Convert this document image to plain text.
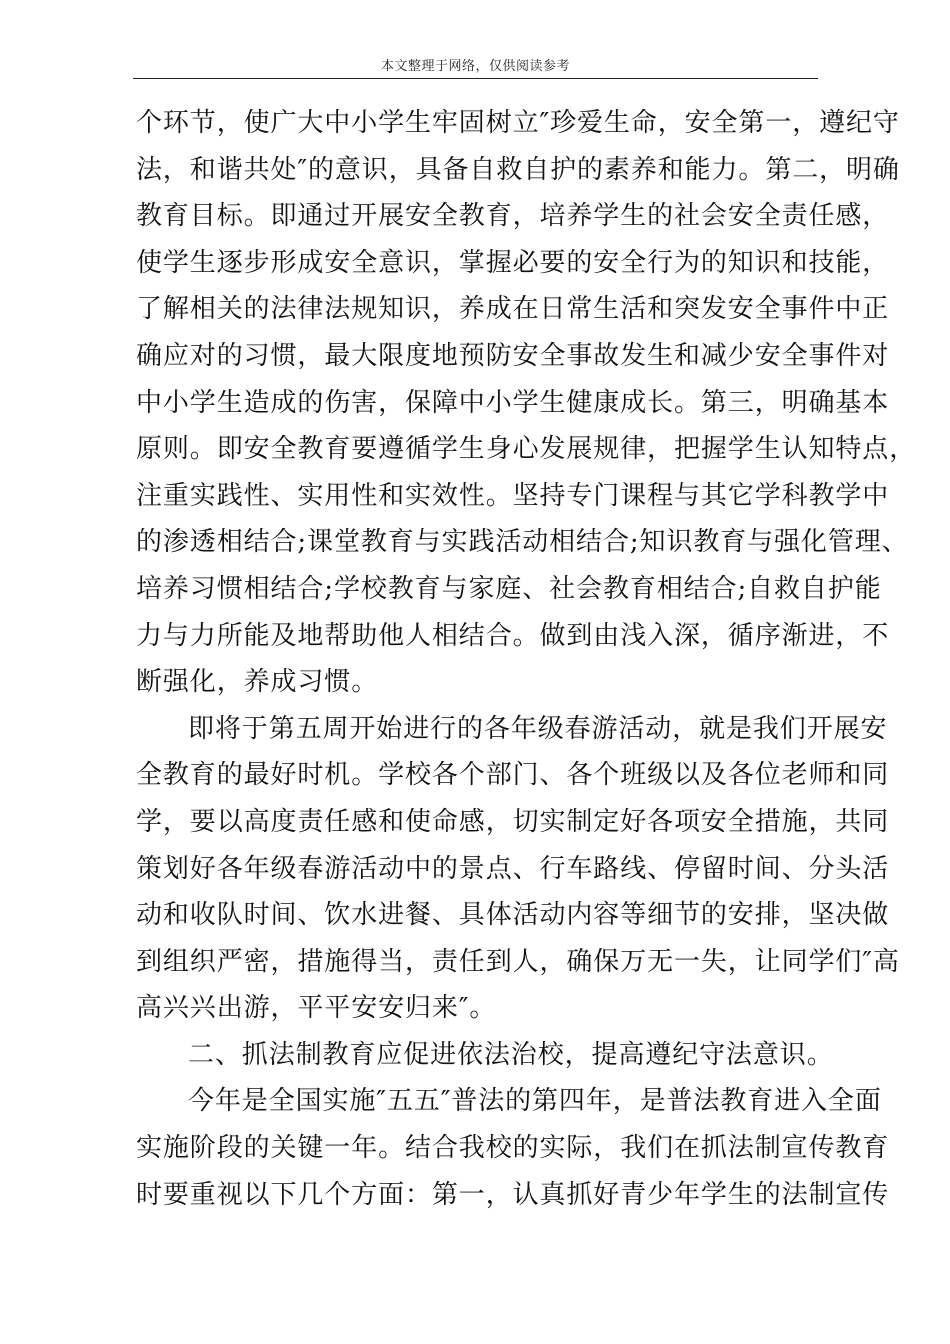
本文整理于网络，仅供阅读参考
个环节，使广大中小学生牢固树立″珍爱生命，安全第一，遵纪守
法，和谐共处″的意识，具备自救自护的素养和能力。第二，明确
教育目标。即通过开展安全教育，培养学生的社会安全责任感，
使学生逐步形成安全意识，掌握必要的安全行为的知识和技能，
了解相关的法律法规知识，养成在日常生活和突发安全事件中正
确应对的习惯，最大限度地预防安全事故发生和减少安全事件对
中小学生造成的伤害，保障中小学生健康成长。第三，明确基本
原则。即安全教育要遵循学生身心发展规律，把握学生认知特点，
注重实践性、实用性和实效性。坚持专门课程与其它学科教学中
的渗透相结合;课堂教育与实践活动相结合;知识教育与强化管理、
培养习惯相结合;学校教育与家庭、社会教育相结合;自救自护能
力与力所能及地帮助他人相结合。做到由浅入深，循序渐进，不
断强化，养成习惯。
即将于第五周开始进行的各年级春游活动，就是我们开展安
全教育的最好时机。学校各个部门、各个班级以及各位老师和同
学，要以高度责任感和使命感，切实制定好各项安全措施，共同
策划好各年级春游活动中的景点、行车路线、停留时间、分头活
动和收队时间、饮水进餐、具体活动内容等细节的安排，坚决做
到组织严密，措施得当，责任到人，确保万无一失，让同学们″高
高兴兴出游，平平安安归来″。
二、抓法制教育应促进依法治校，提高遵纪守法意识。
今年是全国实施″五五″普法的第四年，是普法教育进入全面
实施阶段的关键一年。结合我校的实际，我们在抓法制宣传教育
时要重视以下几个方面：第一，认真抓好青少年学生的法制宣传
